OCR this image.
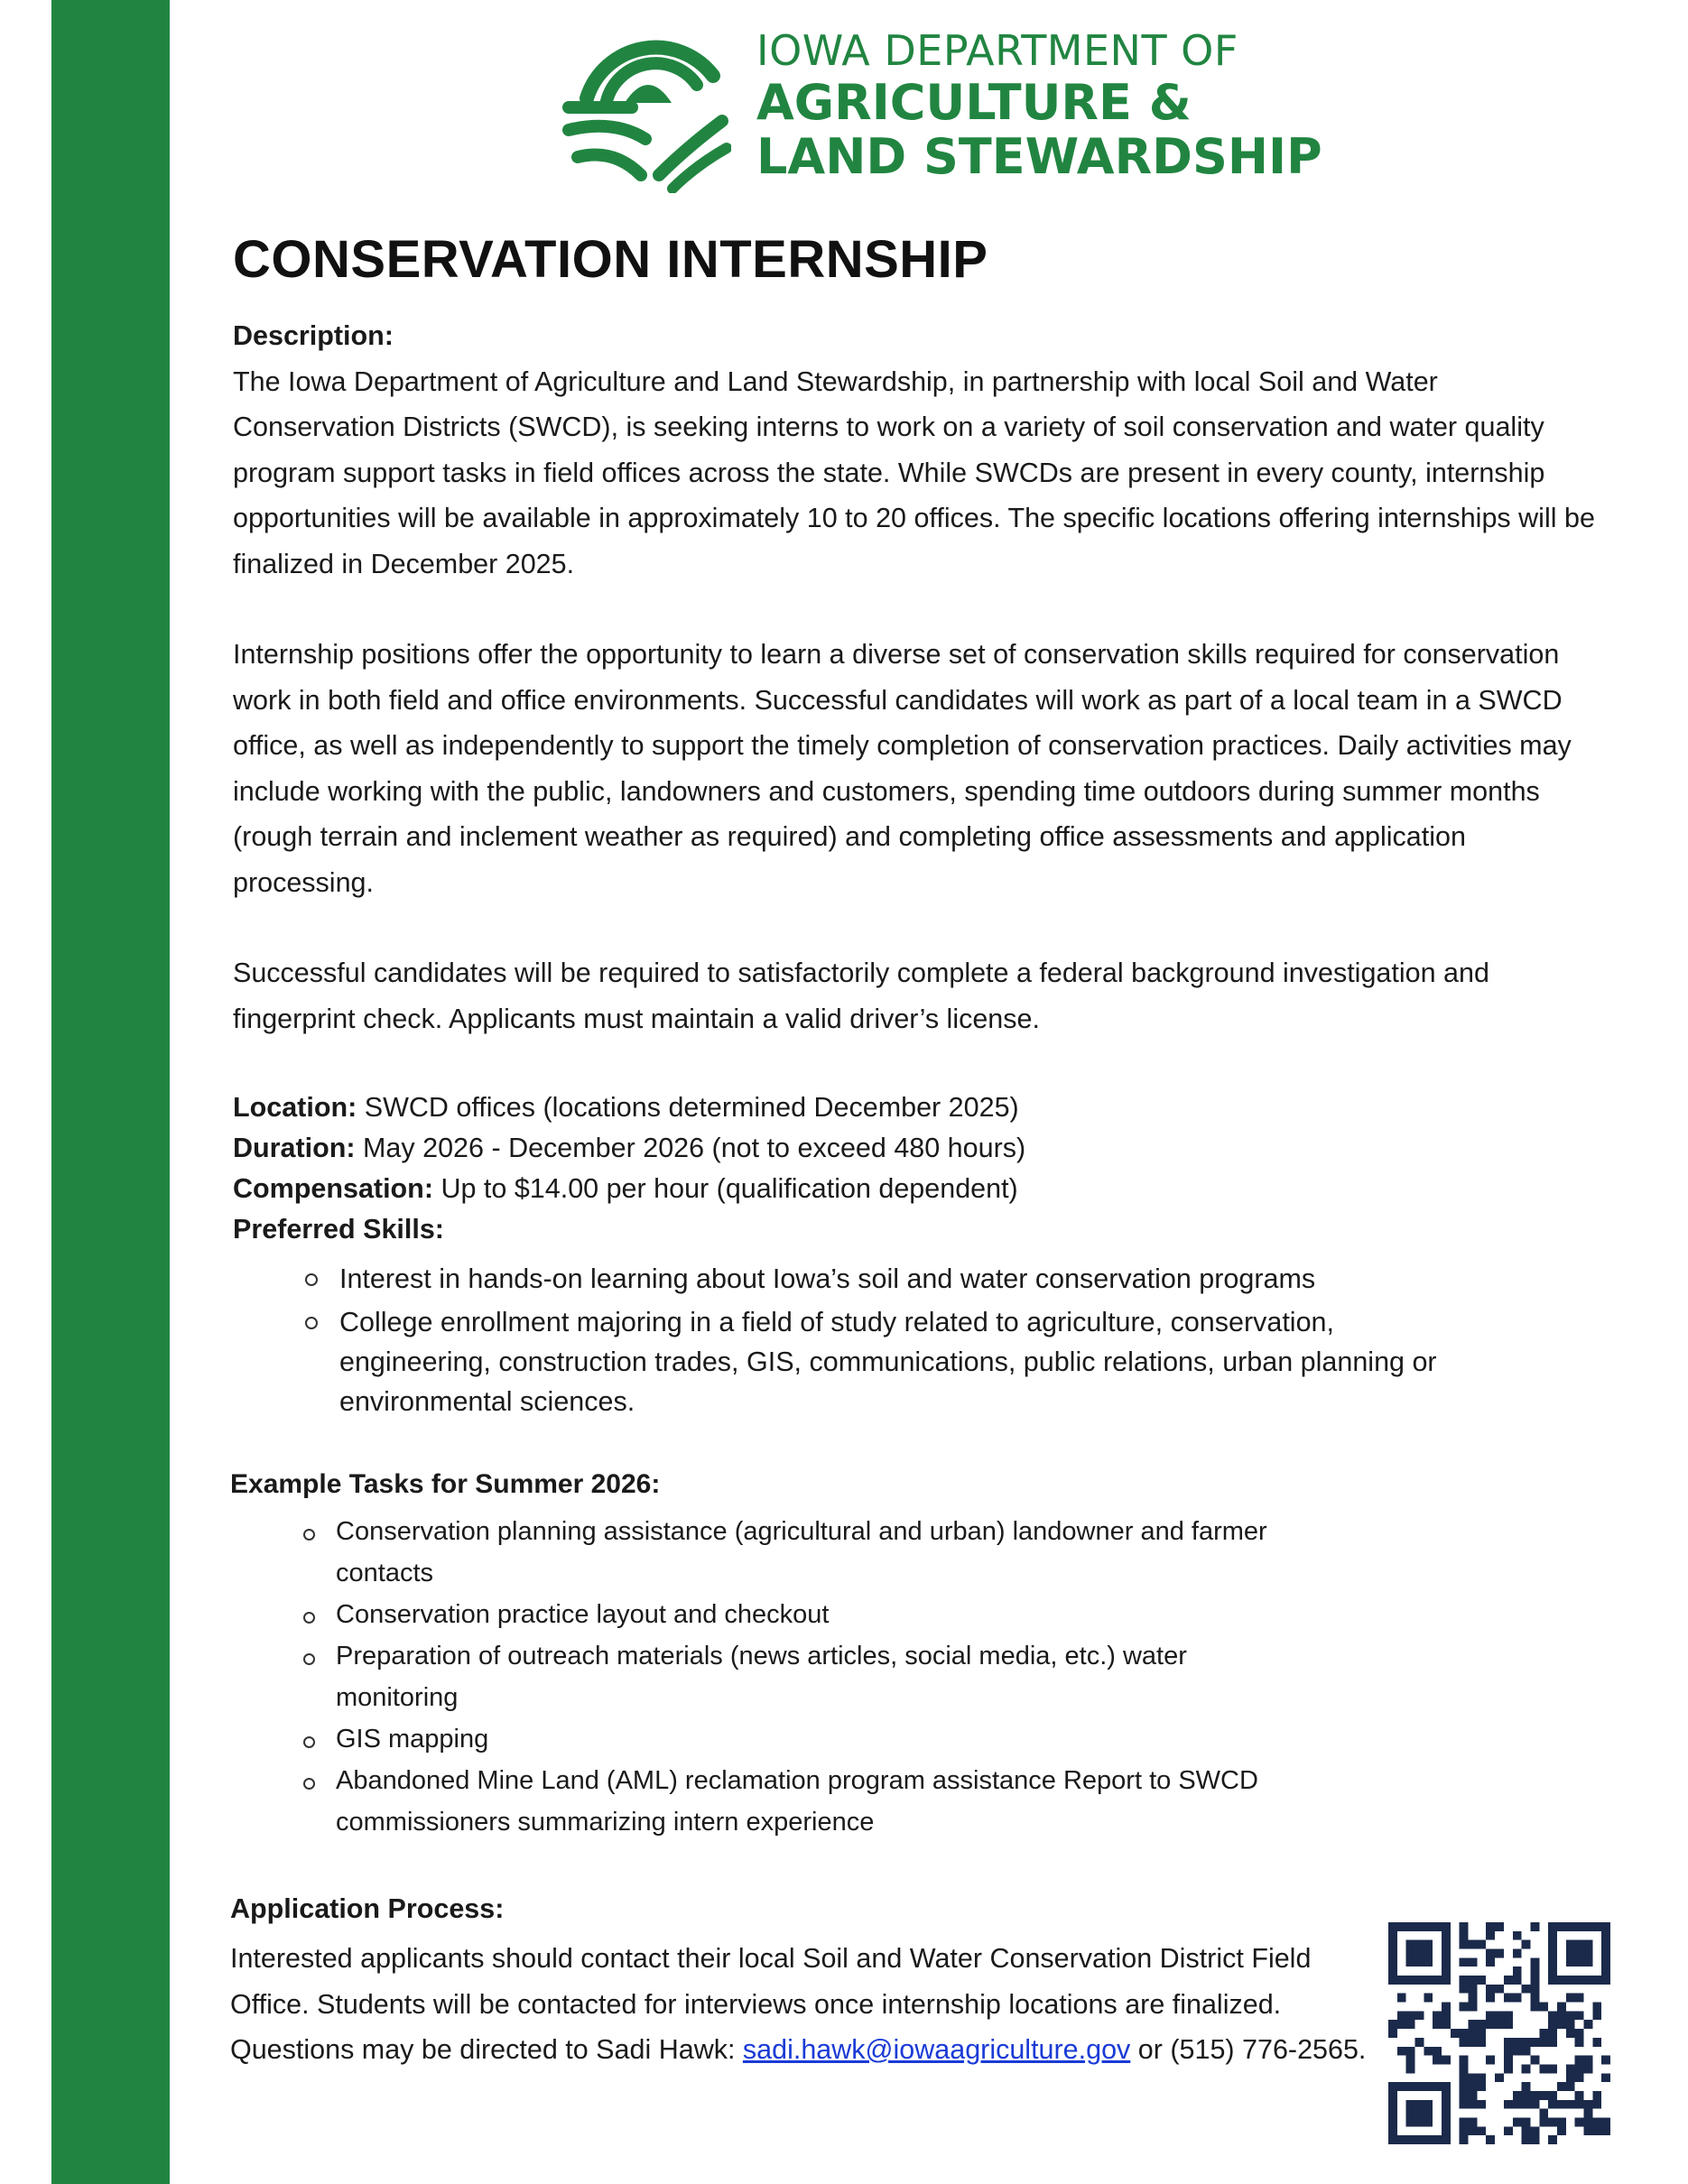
IOWA DEPARTMENT OF
AGRICULTURE &
LAND STEWARDSHIP
CONSERVATION INTERNSHIP

Description:

The Iowa Department of Agriculture and Land Stewardship, in partnership with local Soil and Water Conservation Districts (SWCD), is seeking interns to work on a variety of soil conservation and water quality program support tasks in field offices across the state. While SWCDs are present in every county, internship opportunities will be available in approximately 10 to 20 offices. The specific locations offering internships will be finalized in December 2025.

Internship positions offer the opportunity to learn a diverse set of conservation skills required for conservation work in both field and office environments. Successful candidates will work as part of a local team in a SWCD office, as well as independently to support the timely completion of conservation practices. Daily activities may include working with the public, landowners and customers, spending time outdoors during summer months (rough terrain and inclement weather as required) and completing office assessments and application processing.

Successful candidates will be required to satisfactorily complete a federal background investigation and fingerprint check. Applicants must maintain a valid driver’s license.

Location: SWCD offices (locations determined December 2025)
Duration: May 2026 - December 2026 (not to exceed 480 hours)
Compensation: Up to $14.00 per hour (qualification dependent)
Preferred Skills:
Interest in hands-on learning about Iowa’s soil and water conservation programs
College enrollment majoring in a field of study related to agriculture, conservation, engineering, construction trades, GIS, communications, public relations, urban planning or environmental sciences.
Example Tasks for Summer 2026:
Conservation planning assistance (agricultural and urban) landowner and farmer contacts
Conservation practice layout and checkout
Preparation of outreach materials (news articles, social media, etc.) water monitoring
GIS mapping
Abandoned Mine Land (AML) reclamation program assistance Report to SWCD commissioners summarizing intern experience
Application Process:
Interested applicants should contact their local Soil and Water Conservation District Field Office. Students will be contacted for interviews once internship locations are finalized. Questions may be directed to Sadi Hawk: sadi.hawk@iowaagriculture.gov or (515) 776-2565.
